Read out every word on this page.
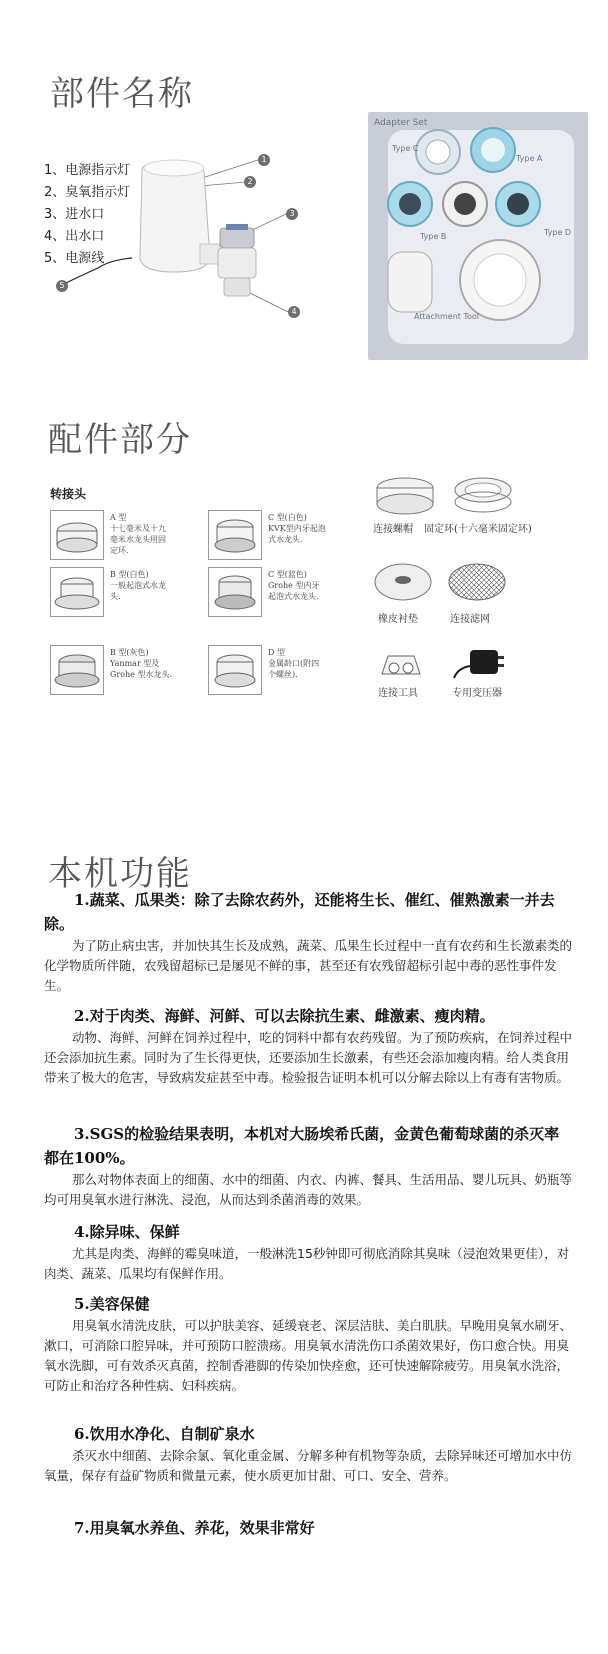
部件名称
1、电源指示灯
2、臭氧指示灯
3、进水口
4、出水口
5、电源线
1
2
3
4
5
Adapter Set
Type C
Type A
Type B	Type D
Attachment Tool
配件部分
转接头
A 型
十七毫米及十九
毫米水龙头用固
定环.
C 型(白色)
KVK型内牙起泡
式水龙头.
B 型(白色)
一般起泡式水龙
头.
C 型(蓝色)
Grohe 型内牙
起泡式水龙头.
B 型(灰色)
Yanmar 型及
Grohe 型水龙头.
D 型
金属龄口(附四
个螺丝).
连接螺帽 固定环(十六毫米固定环)
橡皮衬垫	连接滤网
连接工具	专用变压器
本机功能

1.蔬菜、瓜果类：除了去除农药外，还能将生长、催红、催熟激素一并去除。

为了防止病虫害，并加快其生长及成熟，蔬菜、瓜果生长过程中一直有农药和生长激素类的化学物质所伴随，农残留超标已是屡见不鲜的事，甚至还有农残留超标引起中毒的恶性事件发生。

2.对于肉类、海鲜、河鲜、可以去除抗生素、雌激素、瘦肉精。

动物、海鲜、河鲜在饲养过程中，吃的饲料中都有农药残留。为了预防疾病，在饲养过程中还会添加抗生素。同时为了生长得更快，还要添加生长激素，有些还会添加瘦肉精。给人类食用带来了极大的危害，导致病发症甚至中毒。检验报告证明本机可以分解去除以上有毒有害物质。

3.SGS的检验结果表明，本机对大肠埃希氏菌，金黄色葡萄球菌的杀灭率都在100%。

那么对物体表面上的细菌、水中的细菌、内衣、内裤、餐具、生活用品、婴儿玩具、奶瓶等均可用臭氧水进行淋洗、浸泡，从而达到杀菌消毒的效果。

4.除异味、保鲜

尤其是肉类、海鲜的霉臭味道，一般淋洗15秒钟即可彻底消除其臭味（浸泡效果更佳），对肉类、蔬菜、瓜果均有保鲜作用。

5.美容保健

用臭氧水清洗皮肤，可以护肤美容、延缓衰老、深层洁肤、美白肌肤。早晚用臭氧水刷牙、漱口，可消除口腔异味，并可预防口腔溃疡。用臭氧水清洗伤口杀菌效果好，伤口愈合快。用臭氧水洗脚，可有效杀灭真菌，控制香港脚的传染加快痊愈，还可快速解除疲劳。用臭氧水洗浴，可防止和治疗各种性病、妇科疾病。

6.饮用水净化、自制矿泉水

杀灭水中细菌、去除余氯、氧化重金属、分解多种有机物等杂质，去除异味还可增加水中仿氧量，保存有益矿物质和微量元素，使水质更加甘甜、可口、安全、营养。

7.用臭氧水养鱼、养花，效果非常好
